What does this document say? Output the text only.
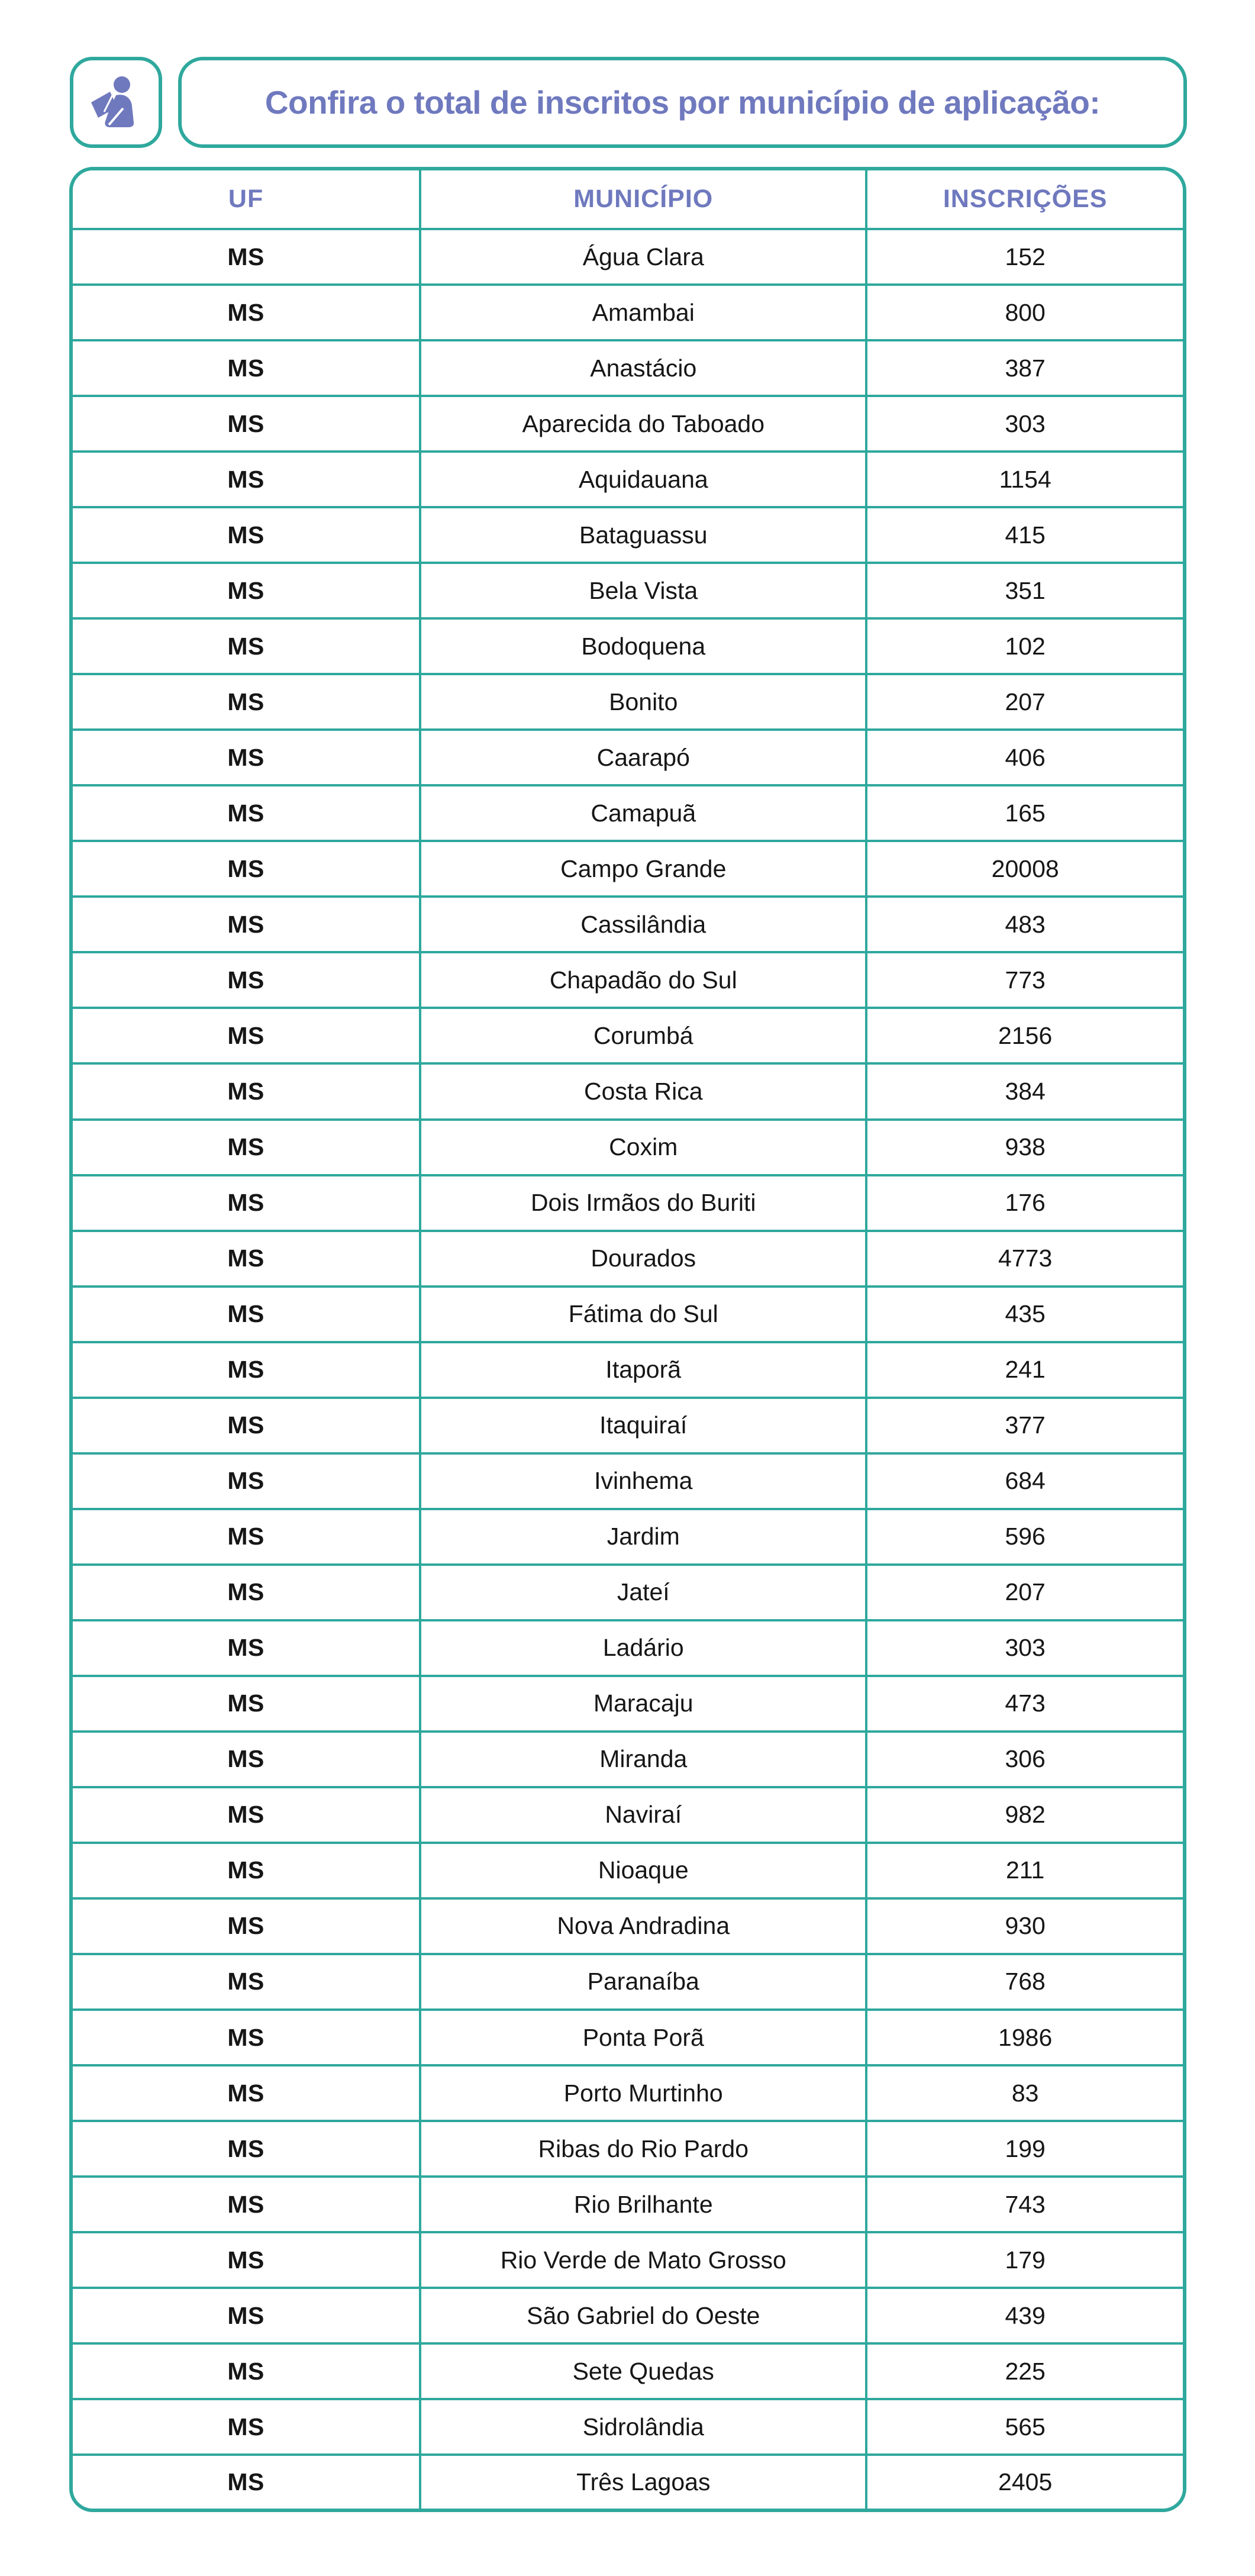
Confira o total de inscritos por município de aplicação:
UF	MUNICÍPIO	INSCRIÇÕES
MS	Água Clara	152
MS	Amambai	800
MS	Anastácio	387
MS	Aparecida do Taboado	303
MS	Aquidauana	1154
MS	Bataguassu	415
MS	Bela Vista	351
MS	Bodoquena	102
MS	Bonito	207
MS	Caarapó	406
MS	Camapuã	165
MS	Campo Grande	20008
MS	Cassilândia	483
MS	Chapadão do Sul	773
MS	Corumbá	2156
MS	Costa Rica	384
MS	Coxim	938
MS	Dois Irmãos do Buriti	176
MS	Dourados	4773
MS	Fátima do Sul	435
MS	Itaporã	241
MS	Itaquiraí	377
MS	Ivinhema	684
MS	Jardim	596
MS	Jateí	207
MS	Ladário	303
MS	Maracaju	473
MS	Miranda	306
MS	Naviraí	982
MS	Nioaque	211
MS	Nova Andradina	930
MS	Paranaíba	768
MS	Ponta Porã	1986
MS	Porto Murtinho	83
MS	Ribas do Rio Pardo	199
MS	Rio Brilhante	743
MS	Rio Verde de Mato Grosso	179
MS	São Gabriel do Oeste	439
MS	Sete Quedas	225
MS	Sidrolândia	565
MS	Três Lagoas	2405
